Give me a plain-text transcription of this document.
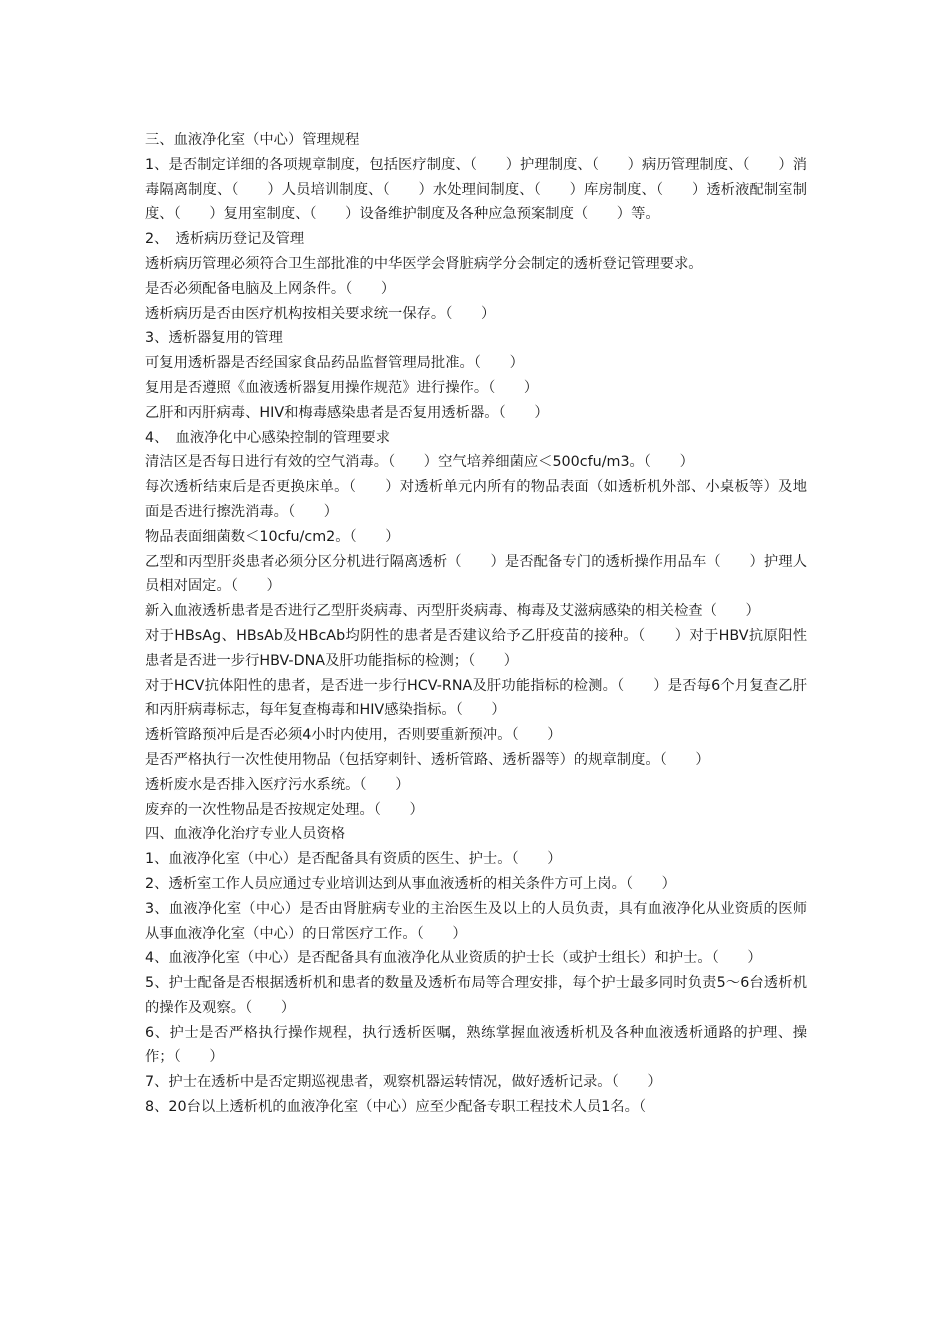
三、血液净化室（中心）管理规程

1、是否制定详细的各项规章制度，包括医疗制度、（　　）护理制度、（　　）病历管理制度、（　　）消毒隔离制度、（　　）人员培训制度、（　　）水处理间制度、（　　）库房制度、（　　）透析液配制室制度、（　　）复用室制度、（　　）设备维护制度及各种应急预案制度（　　）等。

2、　透析病历登记及管理

透析病历管理必须符合卫生部批准的中华医学会肾脏病学分会制定的透析登记管理要求。

是否必须配备电脑及上网条件。（　　）

透析病历是否由医疗机构按相关要求统一保存。（　　）

3、透析器复用的管理

可复用透析器是否经国家食品药品监督管理局批准。（　　）

复用是否遵照《血液透析器复用操作规范》进行操作。（　　）

乙肝和丙肝病毒、HIV和梅毒感染患者是否复用透析器。（　　）

4、　血液净化中心感染控制的管理要求

清洁区是否每日进行有效的空气消毒。（　　）空气培养细菌应＜500cfu/m3。（　　）

每次透析结束后是否更换床单。（　　）对透析单元内所有的物品表面（如透析机外部、小桌板等）及地面是否进行擦洗消毒。（　　）

物品表面细菌数＜10cfu/cm2。（　　）

乙型和丙型肝炎患者必须分区分机进行隔离透析（　　）是否配备专门的透析操作用品车（　　）护理人员相对固定。（　　）

新入血液透析患者是否进行乙型肝炎病毒、丙型肝炎病毒、梅毒及艾滋病感染的相关检查（　　）

对于HBsAg、HBsAb及HBcAb均阴性的患者是否建议给予乙肝疫苗的接种。（　　）对于HBV抗原阳性患者是否进一步行HBV-DNA及肝功能指标的检测；（　　）

对于HCV抗体阳性的患者，是否进一步行HCV-RNA及肝功能指标的检测。（　　）是否每6个月复查乙肝和丙肝病毒标志，每年复查梅毒和HIV感染指标。（　　）

透析管路预冲后是否必须4小时内使用，否则要重新预冲。（　　）

是否严格执行一次性使用物品（包括穿刺针、透析管路、透析器等）的规章制度。（　　）

透析废水是否排入医疗污水系统。（　　）

废弃的一次性物品是否按规定处理。（　　）

四、血液净化治疗专业人员资格

1、血液净化室（中心）是否配备具有资质的医生、护士。（　　）

2、透析室工作人员应通过专业培训达到从事血液透析的相关条件方可上岗。（　　）

3、血液净化室（中心）是否由肾脏病专业的主治医生及以上的人员负责，具有血液净化从业资质的医师从事血液净化室（中心）的日常医疗工作。（　　）

4、血液净化室（中心）是否配备具有血液净化从业资质的护士长（或护士组长）和护士。（　　）

5、护士配备是否根据透析机和患者的数量及透析布局等合理安排，每个护士最多同时负责5～6台透析机的操作及观察。（　　）

6、护士是否严格执行操作规程，执行透析医嘱，熟练掌握血液透析机及各种血液透析通路的护理、操作；（　　）

7、护士在透析中是否定期巡视患者，观察机器运转情况，做好透析记录。（　　）

8、20台以上透析机的血液净化室（中心）应至少配备专职工程技术人员1名。（
